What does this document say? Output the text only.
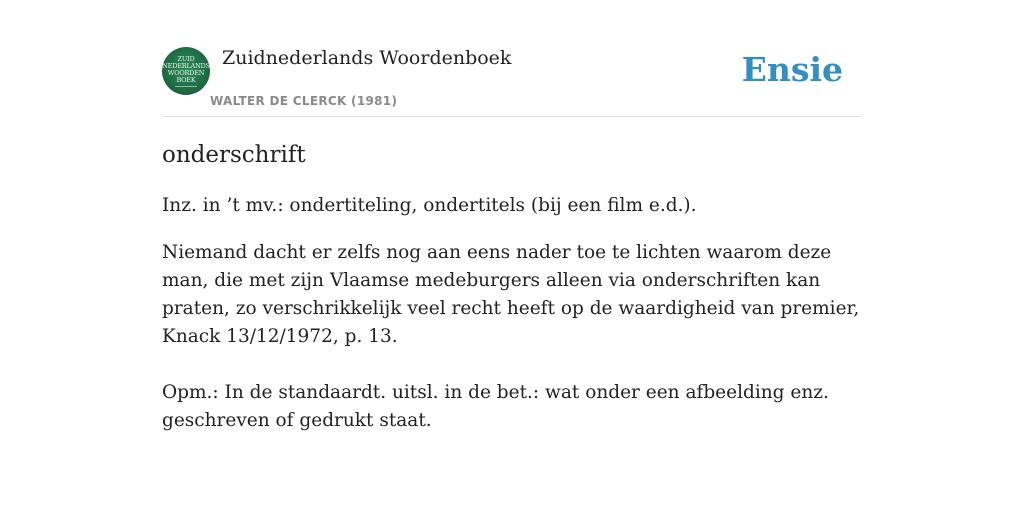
ZUID
NEDERLANDS
WOORDEN
BOEK
Zuidnederlands Woordenboek
WALTER DE CLERCK (1981)
Ensie
onderschrift

Inz. in ’t mv.: ondertiteling, ondertitels (bij een film e.d.).

Niemand dacht er zelfs nog aan eens nader toe te lichten waarom deze man, die met zijn Vlaamse medeburgers alleen via onderschriften kan praten, zo verschrikkelijk veel recht heeft op de waardigheid van premier, Knack 13/12/1972, p. 13.

Opm.: In de standaardt. uitsl. in de bet.: wat onder een afbeelding enz. geschreven of gedrukt staat.
